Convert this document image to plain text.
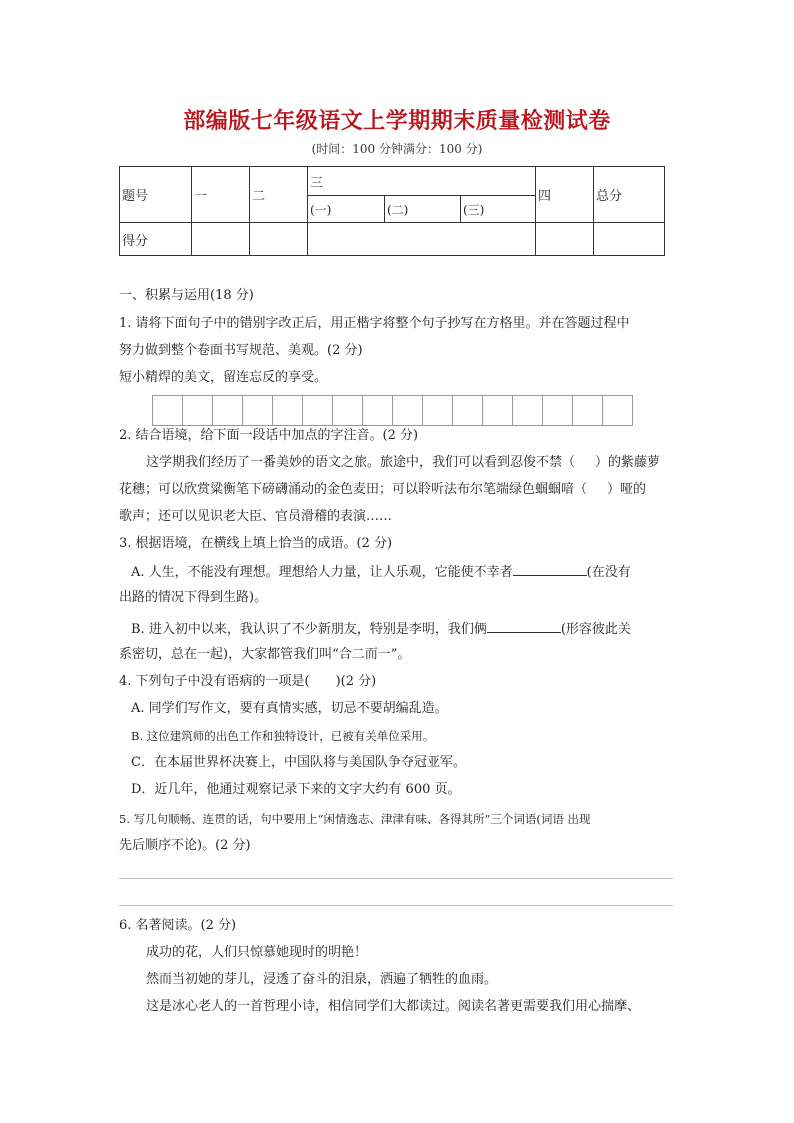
部编版七年级语文上学期期末质量检测试卷
(时间：100 分钟满分：100 分)
题号	一	二	三			四	总分
			(一)	(二)	(三)		
得分							
一、积累与运用(18 分)
1. 请将下面句子中的错别字改正后，用正楷字将整个句子抄写在方格里。并在答题过程中
努力做到整个卷面书写规范、美观。(2 分)
短小精焊的美文，留连忘反的享受。
2. 结合语境，给下面一段话中加点的字注音。(2 分)
这学期我们经历了一番美妙的语文之旅。旅途中，我们可以看到忍俊不禁（ ）的紫藤萝
花穗；可以欣赏粱衡笔下磅礴涌动的金色麦田；可以聆听法布尔笔端绿色蝈蝈喑（ ）哑的
歌声；还可以见识老大臣、官员滑稽的表演……
3. 根据语境，在横线上填上恰当的成语。(2 分)
A. 人生，不能没有理想。理想给人力量，让人乐观，它能使不幸者	(在没有
出路的情况下得到生路)。
B. 进入初中以来，我认识了不少新朋友，特别是李明，我们俩	(形容彼此关
系密切，总在一起)，大家都管我们叫“合二而一”。
4. 下列句子中没有语病的一项是( )(2 分)
A. 同学们写作文，要有真情实感，切忌不要胡编乱造。
B. 这位建筑师的出色工作和独特设计，已被有关单位采用。
C．在本届世界杯决赛上，中国队将与美国队争夺冠亚军。
D．近几年，他通过观察记录下来的文字大约有 600 页。
5. 写几句顺畅、连贯的话，句中要用上“闲情逸志、津津有味、各得其所”三个词语(词语 出现
先后顺序不论)。(2 分)
6. 名著阅读。(2 分)
成功的花，人们只惊慕她现时的明艳！
然而当初她的芽儿，浸透了奋斗的泪泉，洒遍了牺牲的血雨。
这是冰心老人的一首哲理小诗，相信同学们大都读过。阅读名著更需要我们用心揣摩、
